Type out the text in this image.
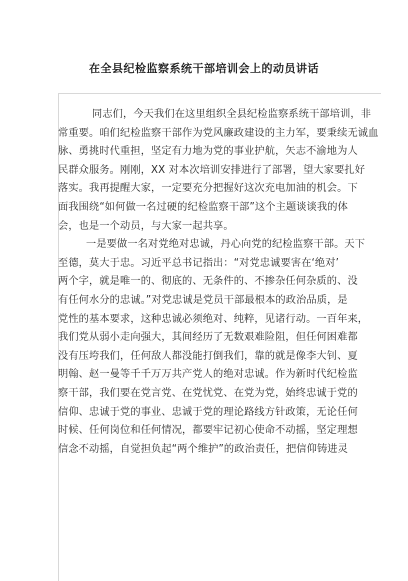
在全县纪检监察系统干部培训会上的动员讲话
同志们，今天我们在这里组织全县纪检监察系统干部培训，非
常重要。咱们纪检监察干部作为党风廉政建设的主力军，要秉续无诚血
脉、勇挑时代重担，坚定有力地为党的事业护航，矢志不渝地为人
民群众服务。刚刚，XX 对本次培训安排进行了部署，望大家要扎好
落实。我再提醒大家，一定要充分把握好这次充电加油的机会。下
面我围绕“如何做一名过硬的纪检监察干部”这个主题谈谈我的体
会，也是一个动员，与大家一起共享。
一是要做一名对党绝对忠诚，丹心向党的纪检监察干部。天下
至德，莫大于忠。习近平总书记指出：“对党忠诚要害在‘绝对’
两个字，就是唯一的、彻底的、无条件的、不掺杂任何杂质的、没
有任何水分的忠诚。”对党忠诚是党员干部最根本的政治品质，是
党性的基本要求，这种忠诚必须绝对、纯粹，见诸行动。一百年来，
我们党从弱小走向强大，其间经历了无数艰难险阻，但任何困难都
没有压垮我们，任何敌人都没能打倒我们，靠的就是像李大钊、夏
明翰、赵一曼等千千万万共产党人的绝对忠诚。作为新时代纪检监
察干部，我们要在党言党、在党忧党、在党为党，始终忠诚于党的
信仰、忠诚于党的事业、忠诚于党的理论路线方针政策，无论任何
时候、任何岗位和任何情况，都要牢记初心使命不动摇，坚定理想
信念不动摇，自觉担负起“两个维护”的政治责任，把信仰铸进灵
